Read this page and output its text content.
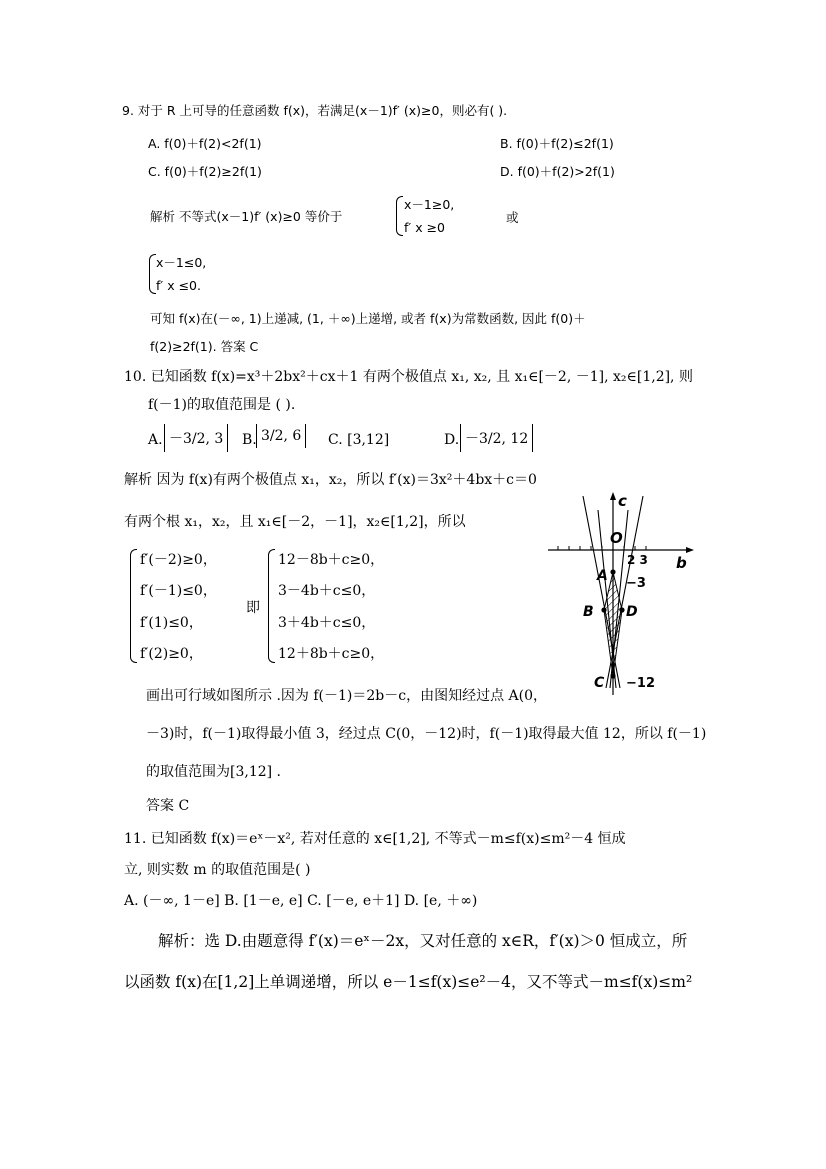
9. 对于 R 上可导的任意函数 f(x)，若满足(x－1)f′ (x)≥0，则必有( ).
A. f(0)＋f(2)<2f(1)	B. f(0)＋f(2)≤2f(1)
C. f(0)＋f(2)≥2f(1)	D. f(0)＋f(2)>2f(1)
解析 不等式(x－1)f′ (x)≥0 等价于
x－1≥0,
f′ x ≥0
或
x－1≤0,
f′ x ≤0.
可知 f(x)在(－∞, 1)上递减, (1, ＋∞)上递增, 或者 f(x)为常数函数, 因此 f(0)＋
f(2)≥2f(1). 答案 C
10. 已知函数 f(x)=x³＋2bx²＋cx＋1 有两个极值点 x₁, x₂, 且 x₁∈[－2, －1], x₂∈[1,2], 则
f(－1)的取值范围是 ( ).
A. －3/2, 3	B. 3/2, 6	C. [3,12]	D. －3/2, 12
解析 因为 f(x)有两个极值点 x₁，x₂，所以 f′(x)＝3x²＋4bx＋c＝0
有两个根 x₁，x₂，且 x₁∈[－2，－1]，x₂∈[1,2]，所以
f′(－2)≥0，
f′(－1)≤0，
f′(1)≤0，
f′(2)≥0，
即
12－8b＋c≥0，
3－4b＋c≤0，
3＋4b＋c≤0，
12＋8b＋c≥0，
c
b
O
2 3
A −3
B D
C −12
画出可行域如图所示 .因为 f(－1)＝2b－c，由图知经过点 A(0，
－3)时，f(－1)取得最小值 3，经过点 C(0，－12)时，f(－1)取得最大值 12，所以 f(－1)
的取值范围为[3,12] .
答案 C
11. 已知函数 f(x)＝eˣ－x², 若对任意的 x∈[1,2], 不等式－m≤f(x)≤m²－4 恒成
立, 则实数 m 的取值范围是( )
A. (－∞, 1－e] B. [1－e, e] C. [－e, e＋1] D. [e, ＋∞)
解析：选 D.由题意得 f′(x)＝eˣ－2x，又对任意的 x∈R，f′(x)＞0 恒成立，所
以函数 f(x)在[1,2]上单调递增，所以 e－1≤f(x)≤e²－4，又不等式－m≤f(x)≤m²
